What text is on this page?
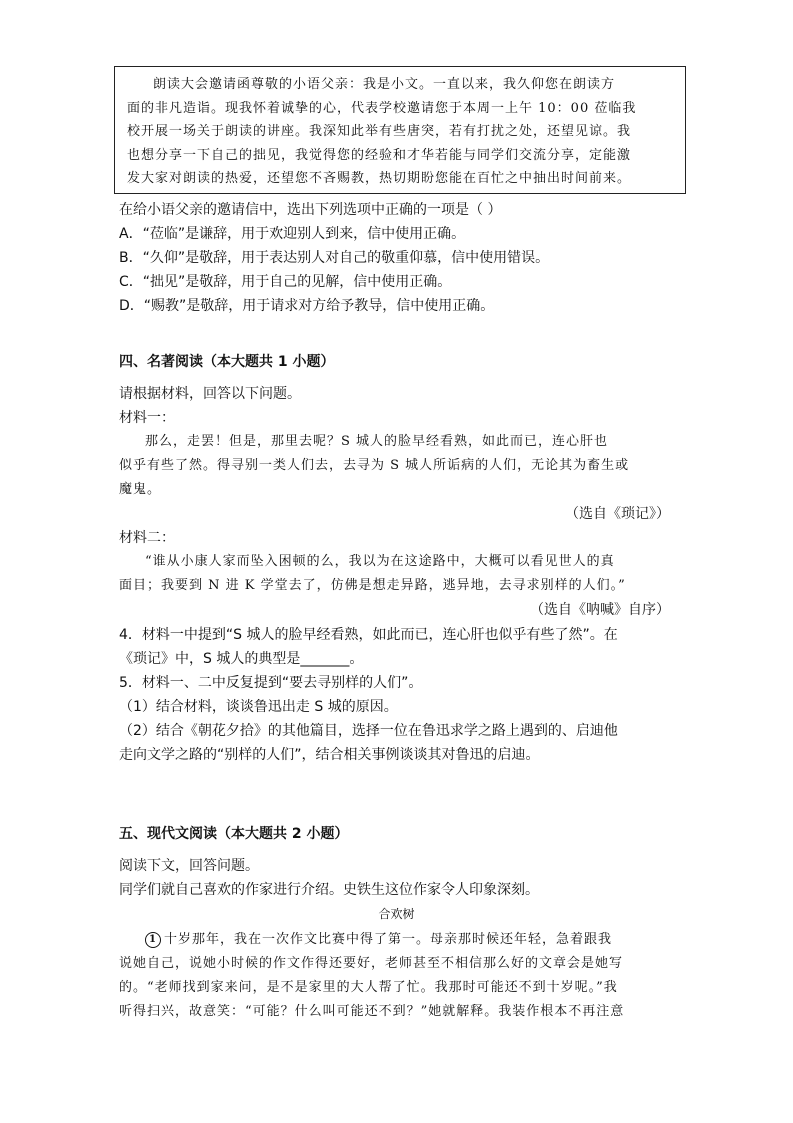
朗读大会邀请函尊敬的小语父亲：我是小文。一直以来，我久仰您在朗读方
面的非凡造诣。现我怀着诚挚的心，代表学校邀请您于本周一上午 10：00 莅临我
校开展一场关于朗读的讲座。我深知此举有些唐突，若有打扰之处，还望见谅。我
也想分享一下自己的拙见，我觉得您的经验和才华若能与同学们交流分享，定能激
发大家对朗读的热爱，还望您不吝赐教，热切期盼您能在百忙之中抽出时间前来。
在给小语父亲的邀请信中，选出下列选项中正确的一项是（ ）
A．“莅临”是谦辞，用于欢迎别人到来，信中使用正确。
B．“久仰”是敬辞，用于表达别人对自己的敬重仰慕，信中使用错误。
C．“拙见”是敬辞，用于自己的见解，信中使用正确。
D．“赐教”是敬辞，用于请求对方给予教导，信中使用正确。
四、名著阅读（本大题共 1 小题）
请根据材料，回答以下问题。
材料一：
那么，走罢！但是，那里去呢？S 城人的脸早经看熟，如此而已，连心肝也
似乎有些了然。得寻别一类人们去，去寻为 S 城人所诟病的人们，无论其为畜生或
魔鬼。
（选自《琐记》）
材料二：
“谁从小康人家而坠入困顿的么，我以为在这途路中，大概可以看见世人的真
面目；我要到 N 进 K 学堂去了，仿佛是想走异路，逃异地，去寻求别样的人们。”
（选自《呐喊》自序）
4．材料一中提到“S 城人的脸早经看熟，如此而已，连心肝也似乎有些了然”。在
《琐记》中，S 城人的典型是_______。
5．材料一、二中反复提到“要去寻别样的人们”。
（1）结合材料，谈谈鲁迅出走 S 城的原因。
（2）结合《朝花夕拾》的其他篇目，选择一位在鲁迅求学之路上遇到的、启迪他
走向文学之路的“别样的人们”，结合相关事例谈谈其对鲁迅的启迪。
五、现代文阅读（本大题共 2 小题）
阅读下文，回答问题。
同学们就自己喜欢的作家进行介绍。史铁生这位作家令人印象深刻。
合欢树
1 十岁那年，我在一次作文比赛中得了第一。母亲那时候还年轻，急着跟我
说她自己，说她小时候的作文作得还要好，老师甚至不相信那么好的文章会是她写
的。“老师找到家来问，是不是家里的大人帮了忙。我那时可能还不到十岁呢。”我
听得扫兴，故意笑：“可能？什么叫可能还不到？”她就解释。我装作根本不再注意
